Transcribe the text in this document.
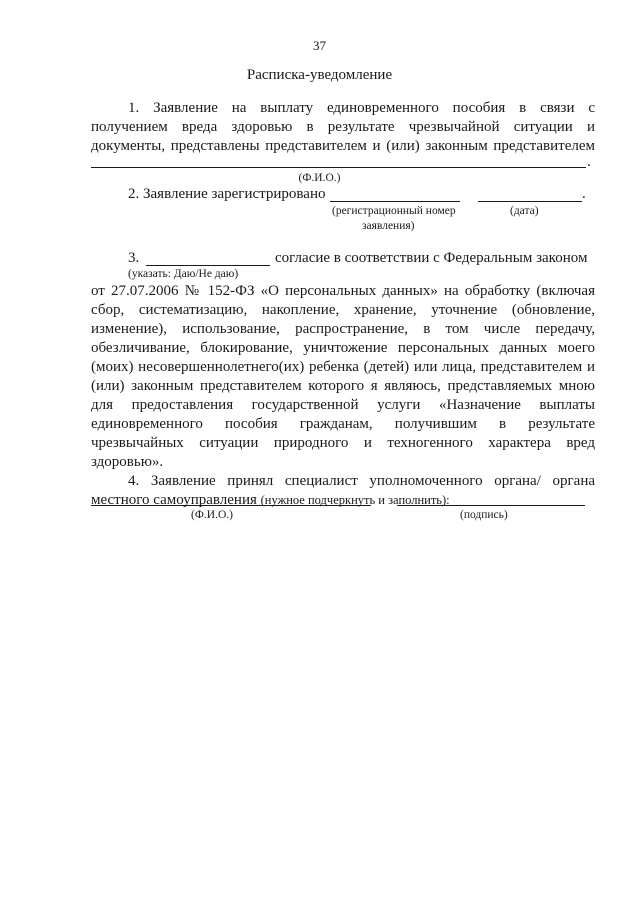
37
Расписка-уведомление
1. Заявление на выплату единовременного пособия в связи с
получением вреда здоровью в результате чрезвычайной ситуации и
документы, представлены представителем и (или) законным представителем
.
(Ф.И.О.)
2. Заявление зарегистрировано	.
(регистрационный номер
заявления)
(дата)
3.	согласие в соответствии с Федеральным законом
(указать: Даю/Не даю)
от 27.07.2006 № 152-ФЗ «О персональных данных» на обработку (включая
сбор, систематизацию, накопление, хранение, уточнение (обновление,
изменение), использование, распространение, в том числе передачу,
обезличивание, блокирование, уничтожение персональных данных моего
(моих) несовершеннолетнего(их) ребенка (детей) или лица, представителем и
(или) законным представителем которого я являюсь, представляемых мною
для предоставления государственной услуги «Назначение выплаты
единовременного пособия гражданам, получившим в результате
чрезвычайных ситуации природного и техногенного характера вред
здоровью».
4. Заявление принял специалист уполномоченного органа/ органа
местного самоуправления (нужное подчеркнуть и заполнить):
(Ф.И.О.)	(подпись)
